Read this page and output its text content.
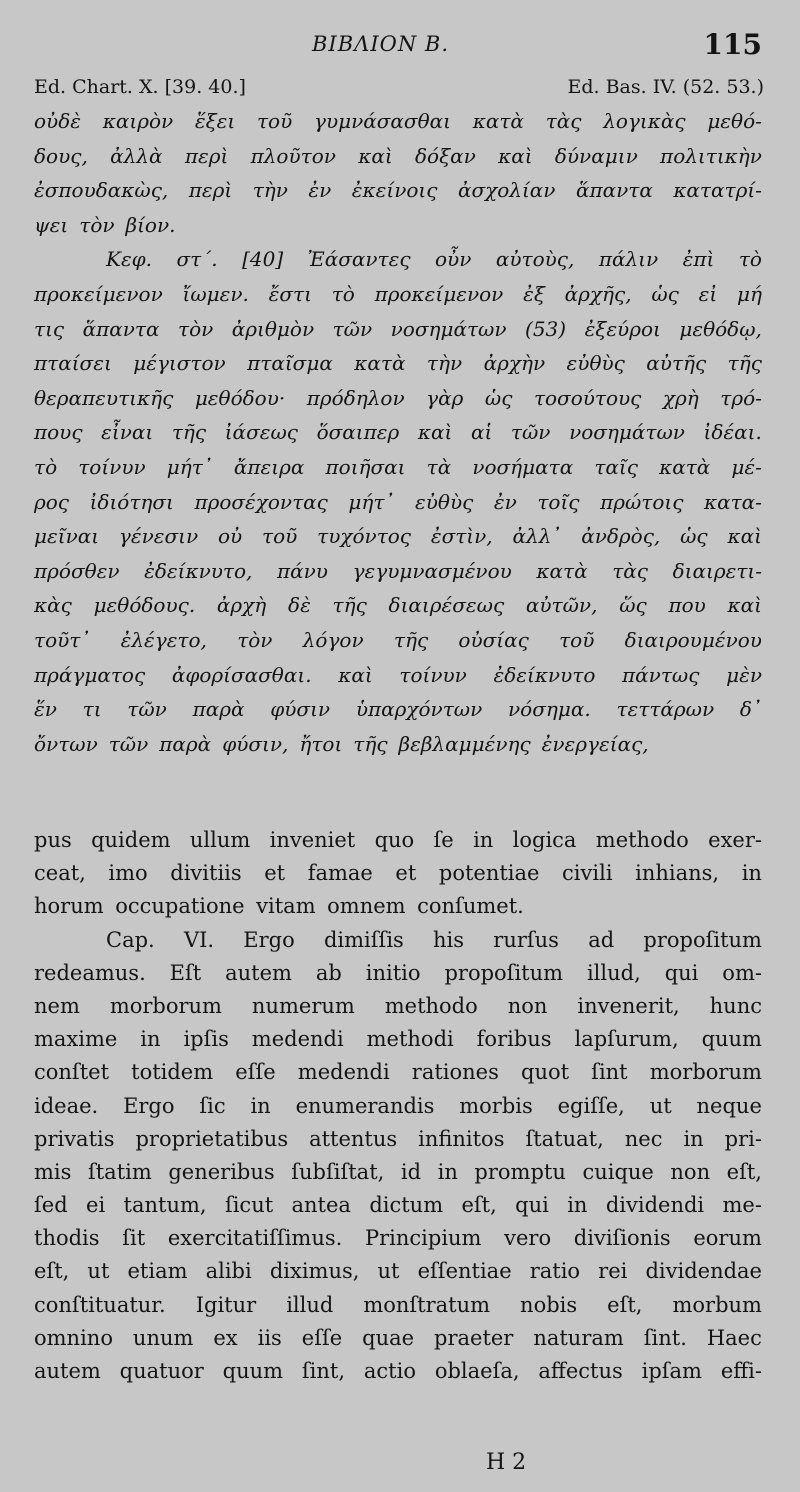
ΒΙΒΛΙΟΝ Β.	115
Ed. Chart. X. [39. 40.]	Ed. Bas. IV. (52. 53.)
οὐδὲ καιρὸν ἕξει τοῦ γυμνάσασθαι κατὰ τὰς λογικὰς μεθό-
δους, ἀλλὰ περὶ πλοῦτον καὶ δόξαν καὶ δύναμιν πολιτικὴν
ἐσπουδακὼς, περὶ τὴν ἐν ἐκείνοις ἀσχολίαν ἅπαντα κατατρί-
ψει τὸν βίον.
Κεφ. στ΄. [40] Ἐάσαντες οὖν αὐτοὺς, πάλιν ἐπὶ τὸ
προκείμενον ἴωμεν. ἔστι τὸ προκείμενον ἐξ ἀρχῆς, ὡς εἰ μή
τις ἅπαντα τὸν ἀριθμὸν τῶν νοσημάτων (53) ἐξεύροι μεθόδῳ,
πταίσει μέγιστον πταῖσμα κατὰ τὴν ἀρχὴν εὐθὺς αὐτῆς τῆς
θεραπευτικῆς μεθόδου· πρόδηλον γὰρ ὡς τοσούτους χρὴ τρό-
πους εἶναι τῆς ἰάσεως ὅσαιπερ καὶ αἱ τῶν νοσημάτων ἰδέαι.
τὸ τοίνυν μήτ᾽ ἄπειρα ποιῆσαι τὰ νοσήματα ταῖς κατὰ μέ-
ρος ἰδιότησι προσέχοντας μήτ᾽ εὐθὺς ἐν τοῖς πρώτοις κατα-
μεῖναι γένεσιν οὐ τοῦ τυχόντος ἐστὶν, ἀλλ᾽ ἀνδρὸς, ὡς καὶ
πρόσθεν ἐδείκνυτο, πάνυ γεγυμνασμένου κατὰ τὰς διαιρετι-
κὰς μεθόδους. ἀρχὴ δὲ τῆς διαιρέσεως αὐτῶν, ὥς που καὶ
τοῦτ᾽ ἐλέγετο, τὸν λόγον τῆς οὐσίας τοῦ διαιρουμένου
πράγματος ἀφορίσασθαι. καὶ τοίνυν ἐδείκνυτο πάντως μὲν
ἕν τι τῶν παρὰ φύσιν ὑπαρχόντων νόσημα. τεττάρων δ᾽
ὄντων τῶν παρὰ φύσιν, ἤτοι τῆς βεβλαμμένης ἐνεργείας,
pus quidem ullum inveniet quo ſe in logica methodo exer-
ceat, imo divitiis et famae et potentiae civili inhians, in
horum occupatione vitam omnem conſumet.
Cap. VI. Ergo dimiſſis his rurſus ad propoſitum
redeamus. Eſt autem ab initio propoſitum illud, qui om-
nem morborum numerum methodo non invenerit, hunc
maxime in ipſis medendi methodi foribus lapſurum, quum
conſtet totidem eſſe medendi rationes quot ſint morborum
ideae. Ergo ſic in enumerandis morbis egiſſe, ut neque
privatis proprietatibus attentus infinitos ſtatuat, nec in pri-
mis ſtatim generibus ſubſiſtat, id in promptu cuique non eſt,
ſed ei tantum, ſicut antea dictum eſt, qui in dividendi me-
thodis ſit exercitatiſſimus. Principium vero diviſionis eorum
eſt, ut etiam alibi diximus, ut eſſentiae ratio rei dividendae
conſtituatur. Igitur illud monſtratum nobis eſt, morbum
omnino unum ex iis eſſe quae praeter naturam ſint. Haec
autem quatuor quum ſint, actio oblaeſa, affectus ipſam effi-
H 2
